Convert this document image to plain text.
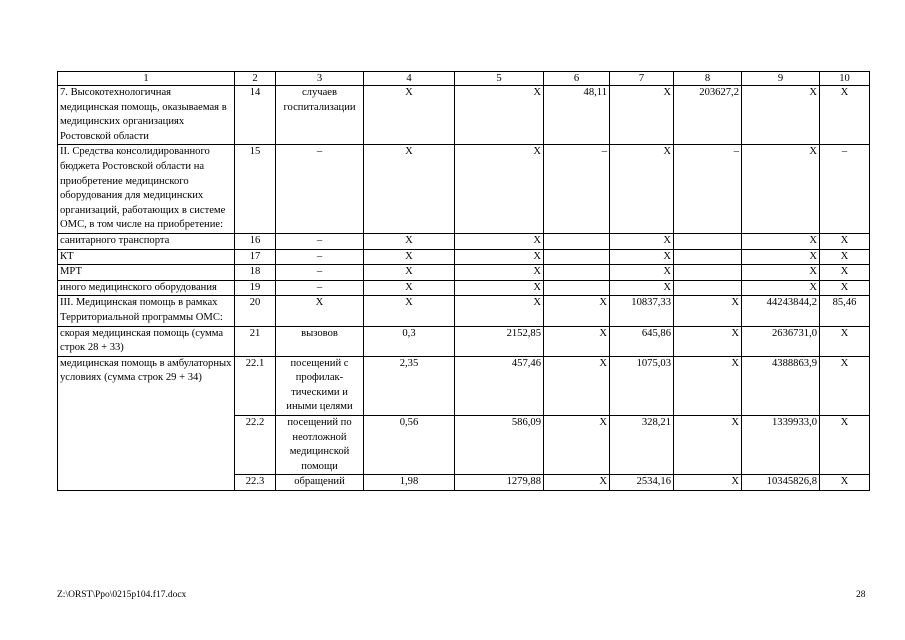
1	2	3	4	5	6	7	8	9	10
7. Высокотехнологичная медицинская помощь, оказываемая в медицинских организациях Ростовской области	14	случаев госпитализации	Х	Х	48,11	Х	203627,2	Х	Х
II. Средства консолидированного бюджета Ростовской области на приобретение медицинского оборудования для медицинских организаций, работающих в системе ОМС, в том числе на приобретение:	15	–	Х	Х	–	Х	–	Х	–
санитарного транспорта	16	–	Х	Х		Х		Х	Х
КТ	17	–	Х	Х		Х		Х	Х
МРТ	18	–	Х	Х		Х		Х	Х
иного медицинского оборудования	19	–	Х	Х		Х		Х	Х
III. Медицинская помощь в рамках Территориальной программы ОМС:	20	Х	Х	Х	Х	10837,33	Х	44243844,2	85,46
скорая медицинская помощь (сумма строк 28 + 33)	21	вызовов	0,3	2152,85	Х	645,86	Х	2636731,0	Х
медицинская помощь в амбулаторных условиях (сумма строк 29 + 34)	22.1	посещений с профилак-тическими и иными целями	2,35	457,46	Х	1075,03	Х	4388863,9	Х
	22.2	посещений по неотложной медицинской помощи	0,56	586,09	Х	328,21	Х	1339933,0	Х
	22.3	обращений	1,98	1279,88	Х	2534,16	Х	10345826,8	Х
Z:\ORST\Ppo\0215p104.f17.docx	28
